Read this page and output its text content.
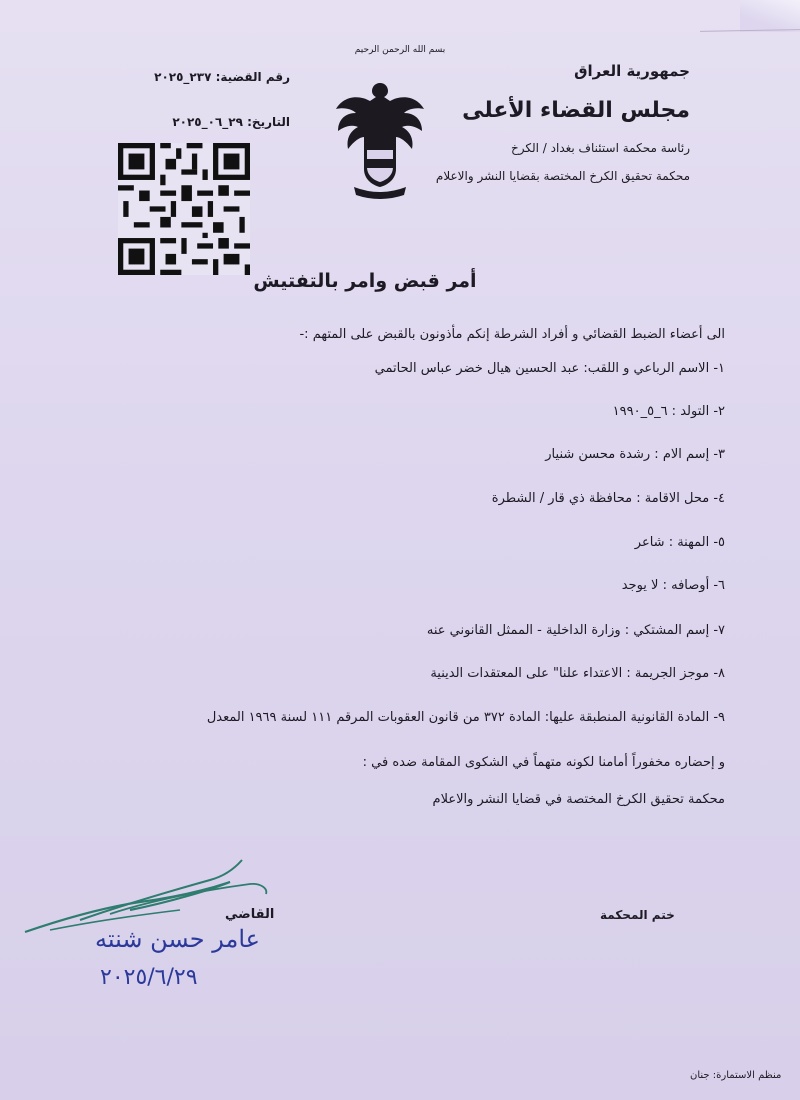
بسم الله الرحمن الرحيم
جمهورية العراق
مجلس القضاء الأعلى
رئاسة محكمة استئناف بغداد / الكرخ
محكمة تحقيق الكرخ المختصة بقضايا النشر والاعلام
رقم القضية: ٢٣٧_٢٠٢٥
التاريخ: ٢٩_٠٦_٢٠٢٥
أمر قبض وامر بالتفتيش
الى أعضاء الضبط القضائي و أفراد الشرطة إنكم مأذونون بالقبض على المتهم :-
١- الاسم الرباعي و اللقب: عبد الحسين هيال خضر عباس الحاتمي
٢- التولد : ٦_٥_١٩٩٠
٣- إسم الام : رشدة محسن شنيار
٤- محل الاقامة : محافظة ذي قار / الشطرة
٥- المهنة : شاعر
٦- أوصافه : لا يوجد
٧- إسم المشتكي : وزارة الداخلية - الممثل القانوني عنه
٨- موجز الجريمة : الاعتداء علنا" على المعتقدات الدينية
٩- المادة القانونية المنطبقة عليها: المادة ٣٧٢ من قانون العقوبات المرقم ١١١ لسنة ١٩٦٩ المعدل
و إحضاره مخفوراً أمامنا لكونه متهماً في الشكوى المقامة ضده في :
محكمة تحقيق الكرخ المختصة في قضايا النشر والاعلام
القاضي
عامر حسن شنته
٢٠٢٥/٦/٢٩
ختم المحكمة
منظم الاستمارة: جنان
